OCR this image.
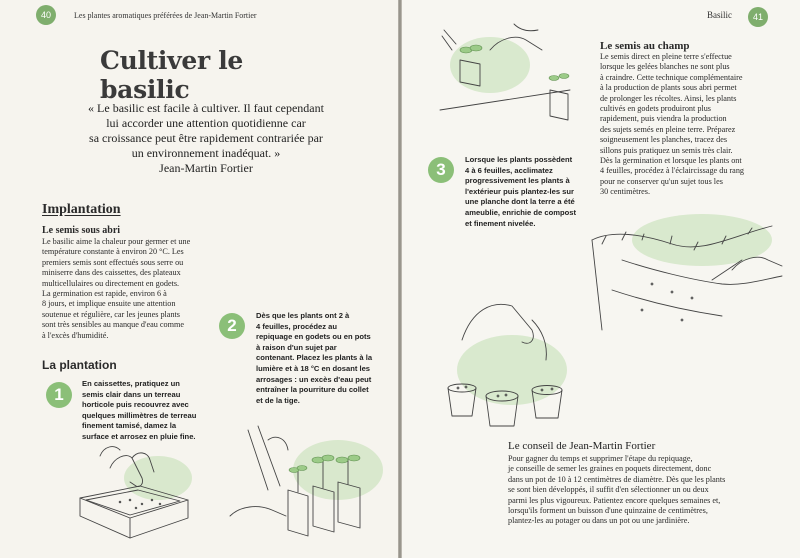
40	Les plantes aromatiques préférées de Jean-Martin Fortier
Cultiver le basilic
« Le basilic est facile à cultiver. Il faut cependant
lui accorder une attention quotidienne car
sa croissance peut être rapidement contrariée par
un environnement inadéquat. »
Jean-Martin Fortier
Implantation
Le semis sous abri
Le basilic aime la chaleur pour germer et une
température constante à environ 20 °C. Les
premiers semis sont effectués sous serre ou
miniserre dans des caissettes, des plateaux
multicellulaires ou directement en godets.
La germination est rapide, environ 6 à
8 jours, et implique ensuite une attention
soutenue et régulière, car les jeunes plants
sont très sensibles au manque d'eau comme
à l'excès d'humidité.
La plantation
1
En caissettes, pratiquez un
semis clair dans un terreau
horticole puis recouvrez avec
quelques millimètres de terreau
finement tamisé, damez la
surface et arrosez en pluie fine.
2
Dès que les plants ont 2 à
4 feuilles, procédez au
repiquage en godets ou en pots
à raison d'un sujet par
contenant. Placez les plants à la
lumière et à 18 °C en dosant les
arrosages : un excès d'eau peut
entraîner la pourriture du collet
et de la tige.
Basilic	41
Le semis au champ
Le semis direct en pleine terre s'effectue
lorsque les gelées blanches ne sont plus
à craindre. Cette technique complémentaire
à la production de plants sous abri permet
de prolonger les récoltes. Ainsi, les plants
cultivés en godets produiront plus
rapidement, puis viendra la production
des sujets semés en pleine terre. Préparez
soigneusement les planches, tracez des
sillons puis pratiquez un semis très clair.
Dès la germination et lorsque les plants ont
4 feuilles, procédez à l'éclaircissage du rang
pour ne conserver qu'un sujet tous les
30 centimètres.
3
Lorsque les plants possèdent
4 à 6 feuilles, acclimatez
progressivement les plants à
l'extérieur puis plantez-les sur
une planche dont la terre a été
ameublie, enrichie de compost
et finement nivelée.
Le conseil de Jean-Martin Fortier
Pour gagner du temps et supprimer l'étape du repiquage,
je conseille de semer les graines en poquets directement, donc
dans un pot de 10 à 12 centimètres de diamètre. Dès que les plants
se sont bien développés, il suffit d'en sélectionner un ou deux
parmi les plus vigoureux. Patientez encore quelques semaines et,
lorsqu'ils forment un buisson d'une quinzaine de centimètres,
plantez-les au potager ou dans un pot ou une jardinière.
